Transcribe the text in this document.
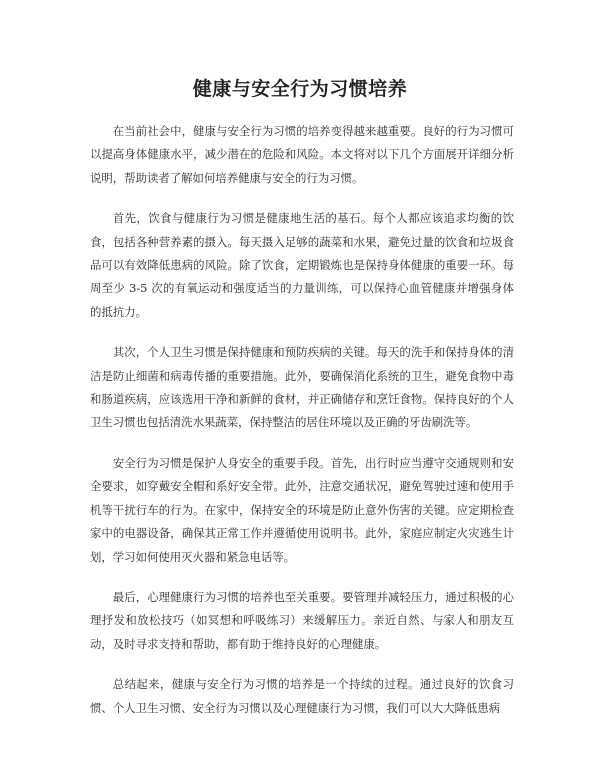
健康与安全行为习惯培养

在当前社会中，健康与安全行为习惯的培养变得越来越重要。良好的行为习惯可以提高身体健康水平，减少潜在的危险和风险。本文将对以下几个方面展开详细分析说明，帮助读者了解如何培养健康与安全的行为习惯。

首先，饮食与健康行为习惯是健康地生活的基石。每个人都应该追求均衡的饮食，包括各种营养素的摄入。每天摄入足够的蔬菜和水果，避免过量的饮食和垃圾食品可以有效降低患病的风险。除了饮食，定期锻炼也是保持身体健康的重要一环。每周至少 3-5 次的有氧运动和强度适当的力量训练，可以保持心血管健康并增强身体的抵抗力。

其次，个人卫生习惯是保持健康和预防疾病的关键。每天的洗手和保持身体的清洁是防止细菌和病毒传播的重要措施。此外，要确保消化系统的卫生，避免食物中毒和肠道疾病，应该选用干净和新鲜的食材，并正确储存和烹饪食物。保持良好的个人卫生习惯也包括清洗水果蔬菜，保持整洁的居住环境以及正确的牙齿刷洗等。

安全行为习惯是保护人身安全的重要手段。首先，出行时应当遵守交通规则和安全要求，如穿戴安全帽和系好安全带。此外，注意交通状况，避免驾驶过速和使用手机等干扰行车的行为。在家中，保持安全的环境是防止意外伤害的关键。应定期检查家中的电器设备，确保其正常工作并遵循使用说明书。此外，家庭应制定火灾逃生计划，学习如何使用灭火器和紧急电话等。

最后，心理健康行为习惯的培养也至关重要。要管理并减轻压力，通过积极的心理抒发和放松技巧（如冥想和呼吸练习）来缓解压力。亲近自然、与家人和朋友互动，及时寻求支持和帮助，都有助于维持良好的心理健康。

总结起来，健康与安全行为习惯的培养是一个持续的过程。通过良好的饮食习惯、个人卫生习惯、安全行为习惯以及心理健康行为习惯，我们可以大大降低患病
